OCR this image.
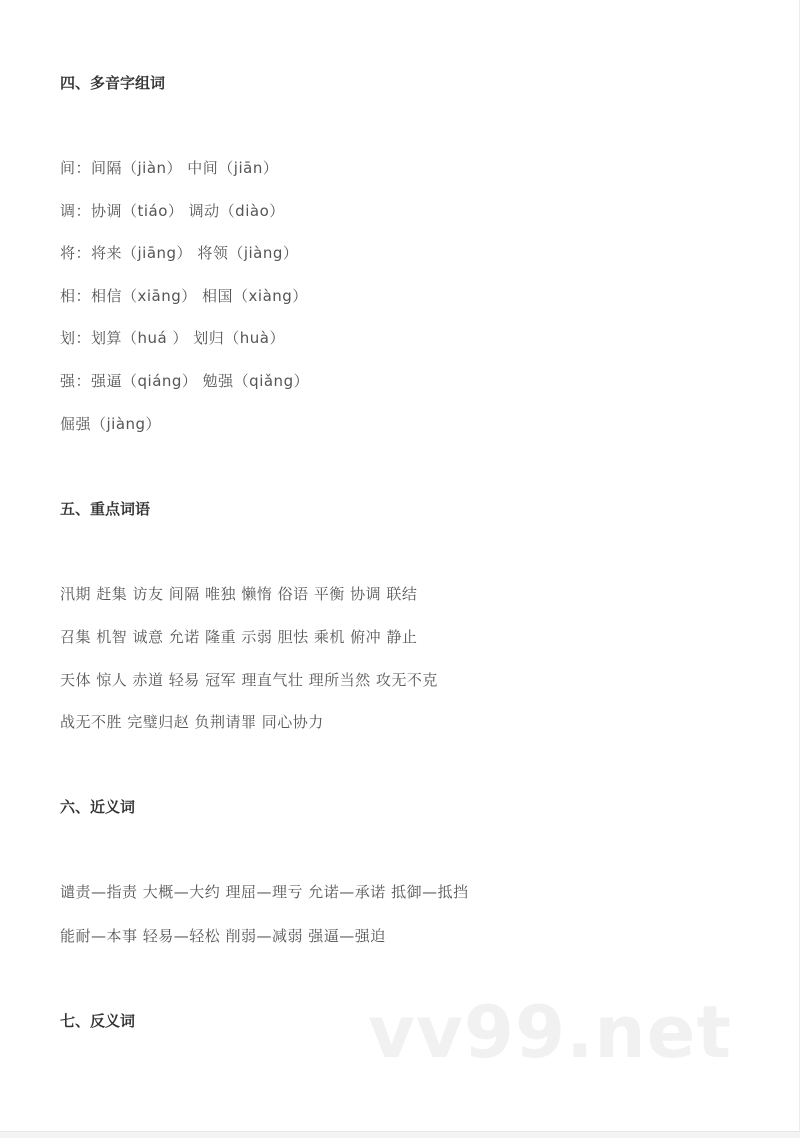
四、多音字组词
间：间隔（jiàn） 中间（jiān）
调：协调（tiáo） 调动（diào）
将：将来（jiāng） 将领（jiàng）
相：相信（xiāng） 相国（xiàng）
划：划算（huá ） 划归（huà）
强：强逼（qiáng） 勉强（qiǎng）
倔强（jiàng）
五、重点词语
汛期 赶集 访友 间隔 唯独 懒惰 俗语 平衡 协调 联结
召集 机智 诚意 允诺 隆重 示弱 胆怯 乘机 俯冲 静止
天体 惊人 赤道 轻易 冠军 理直气壮 理所当然 攻无不克
战无不胜 完璧归赵 负荆请罪 同心协力
六、近义词
谴责—指责 大概—大约 理屈—理亏 允诺—承诺 抵御—抵挡
能耐—本事 轻易—轻松 削弱—减弱 强逼—强迫
七、反义词	vv99.net
